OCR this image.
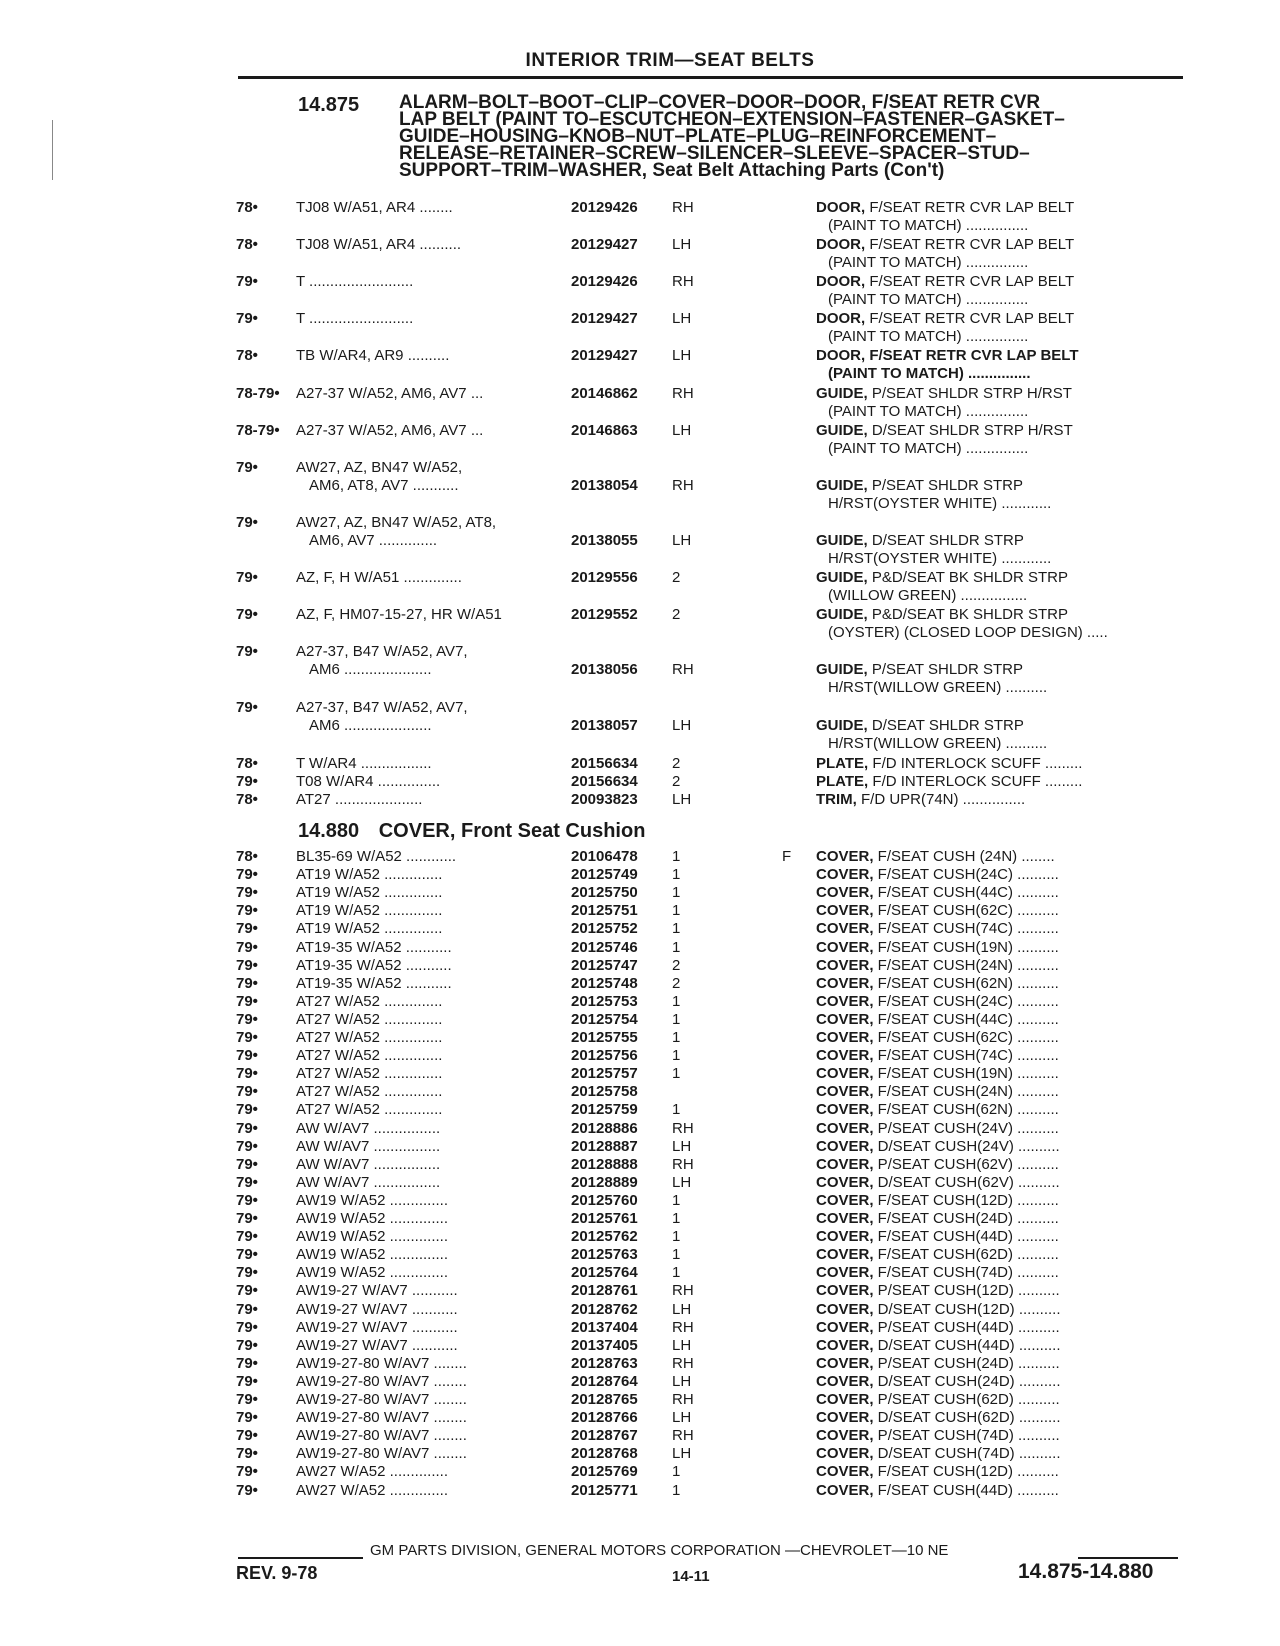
INTERIOR TRIM—SEAT BELTS
14.875 ALARM–BOLT–BOOT–CLIP–COVER–DOOR–DOOR, F/SEAT RETR CVR
LAP BELT (PAINT TO–ESCUTCHEON–EXTENSION–FASTENER–GASKET–
GUIDE–HOUSING–KNOB–NUT–PLATE–PLUG–REINFORCEMENT–
RELEASE–RETAINER–SCREW–SILENCER–SLEEVE–SPACER–STUD–
SUPPORT–TRIM–WASHER, Seat Belt Attaching Parts (Con't)
78•	TJ08 W/A51, AR4 ........	20129426 RH	DOOR, F/SEAT RETR CVR LAP BELT
(PAINT TO MATCH) ...............
78•	TJ08 W/A51, AR4 ..........	20129427 LH	DOOR, F/SEAT RETR CVR LAP BELT
(PAINT TO MATCH) ...............
79•	T .........................	20129426 RH	DOOR, F/SEAT RETR CVR LAP BELT
(PAINT TO MATCH) ...............
79•	T .........................	20129427 LH	DOOR, F/SEAT RETR CVR LAP BELT
(PAINT TO MATCH) ...............
78•	TB W/AR4, AR9 ..........	20129427 LH	DOOR, F/SEAT RETR CVR LAP BELT
(PAINT TO MATCH) ...............
78-79• A27-37 W/A52, AM6, AV7 ...	20146862 RH	GUIDE, P/SEAT SHLDR STRP H/RST
(PAINT TO MATCH) ...............
78-79• A27-37 W/A52, AM6, AV7 ...	20146863 LH	GUIDE, D/SEAT SHLDR STRP H/RST
(PAINT TO MATCH) ...............
79•	AW27, AZ, BN47 W/A52,
AM6, AT8, AV7 ...........	20138054 RH	GUIDE, P/SEAT SHLDR STRP
H/RST(OYSTER WHITE) ............
79•	AW27, AZ, BN47 W/A52, AT8,
AM6, AV7 ..............	20138055 LH	GUIDE, D/SEAT SHLDR STRP
H/RST(OYSTER WHITE) ............
79•	AZ, F, H W/A51 ..............	20129556 2	GUIDE, P&D/SEAT BK SHLDR STRP
(WILLOW GREEN) ................
79•	AZ, F, HM07-15-27, HR W/A51	20129552 2	GUIDE, P&D/SEAT BK SHLDR STRP
(OYSTER) (CLOSED LOOP DESIGN) .....
79•	A27-37, B47 W/A52, AV7,
AM6 .....................	20138056 RH	GUIDE, P/SEAT SHLDR STRP
H/RST(WILLOW GREEN) ..........
79•	A27-37, B47 W/A52, AV7,
AM6 .....................	20138057 LH	GUIDE, D/SEAT SHLDR STRP
H/RST(WILLOW GREEN) ..........
78•	T W/AR4 .................	20156634 2	PLATE, F/D INTERLOCK SCUFF .........
79•	T08 W/AR4 ...............	20156634 2	PLATE, F/D INTERLOCK SCUFF .........
78•	AT27 .....................	20093823 LH	TRIM, F/D UPR(74N) ...............
14.880 COVER, Front Seat Cushion
78•	BL35-69 W/A52 ............	20106478 1	F COVER, F/SEAT CUSH (24N) ........
79•	AT19 W/A52 ..............	20125749 1	COVER, F/SEAT CUSH(24C) ..........
79•	AT19 W/A52 ..............	20125750 1	COVER, F/SEAT CUSH(44C) ..........
79•	AT19 W/A52 ..............	20125751 1	COVER, F/SEAT CUSH(62C) ..........
79•	AT19 W/A52 ..............	20125752 1	COVER, F/SEAT CUSH(74C) ..........
79•	AT19-35 W/A52 ...........	20125746 1	COVER, F/SEAT CUSH(19N) ..........
79•	AT19-35 W/A52 ...........	20125747 2	COVER, F/SEAT CUSH(24N) ..........
79•	AT19-35 W/A52 ...........	20125748 2	COVER, F/SEAT CUSH(62N) ..........
79•	AT27 W/A52 ..............	20125753 1	COVER, F/SEAT CUSH(24C) ..........
79•	AT27 W/A52 ..............	20125754 1	COVER, F/SEAT CUSH(44C) ..........
79•	AT27 W/A52 ..............	20125755 1	COVER, F/SEAT CUSH(62C) ..........
79•	AT27 W/A52 ..............	20125756 1	COVER, F/SEAT CUSH(74C) ..........
79•	AT27 W/A52 ..............	20125757 1	COVER, F/SEAT CUSH(19N) ..........
79•	AT27 W/A52 ..............	20125758	COVER, F/SEAT CUSH(24N) ..........
79•	AT27 W/A52 ..............	20125759 1	COVER, F/SEAT CUSH(62N) ..........
79•	AW W/AV7 ................	20128886 RH	COVER, P/SEAT CUSH(24V) ..........
79•	AW W/AV7 ................	20128887 LH	COVER, D/SEAT CUSH(24V) ..........
79•	AW W/AV7 ................	20128888 RH	COVER, P/SEAT CUSH(62V) ..........
79•	AW W/AV7 ................	20128889 LH	COVER, D/SEAT CUSH(62V) ..........
79•	AW19 W/A52 ..............	20125760 1	COVER, F/SEAT CUSH(12D) ..........
79•	AW19 W/A52 ..............	20125761 1	COVER, F/SEAT CUSH(24D) ..........
79•	AW19 W/A52 ..............	20125762 1	COVER, F/SEAT CUSH(44D) ..........
79•	AW19 W/A52 ..............	20125763 1	COVER, F/SEAT CUSH(62D) ..........
79•	AW19 W/A52 ..............	20125764 1	COVER, F/SEAT CUSH(74D) ..........
79•	AW19-27 W/AV7 ...........	20128761 RH	COVER, P/SEAT CUSH(12D) ..........
79•	AW19-27 W/AV7 ...........	20128762 LH	COVER, D/SEAT CUSH(12D) ..........
79•	AW19-27 W/AV7 ...........	20137404 RH	COVER, P/SEAT CUSH(44D) ..........
79•	AW19-27 W/AV7 ...........	20137405 LH	COVER, D/SEAT CUSH(44D) ..........
79•	AW19-27-80 W/AV7 ........	20128763 RH	COVER, P/SEAT CUSH(24D) ..........
79•	AW19-27-80 W/AV7 ........	20128764 LH	COVER, D/SEAT CUSH(24D) ..........
79•	AW19-27-80 W/AV7 ........	20128765 RH	COVER, P/SEAT CUSH(62D) ..........
79•	AW19-27-80 W/AV7 ........	20128766 LH	COVER, D/SEAT CUSH(62D) ..........
79•	AW19-27-80 W/AV7 ........	20128767 RH	COVER, P/SEAT CUSH(74D) ..........
79•	AW19-27-80 W/AV7 ........	20128768 LH	COVER, D/SEAT CUSH(74D) ..........
79•	AW27 W/A52 ..............	20125769 1	COVER, F/SEAT CUSH(12D) ..........
79•	AW27 W/A52 ..............	20125771 1	COVER, F/SEAT CUSH(44D) ..........
GM PARTS DIVISION, GENERAL MOTORS CORPORATION —CHEVROLET—10 NE
REV. 9-78	14-11	14.875-14.880
